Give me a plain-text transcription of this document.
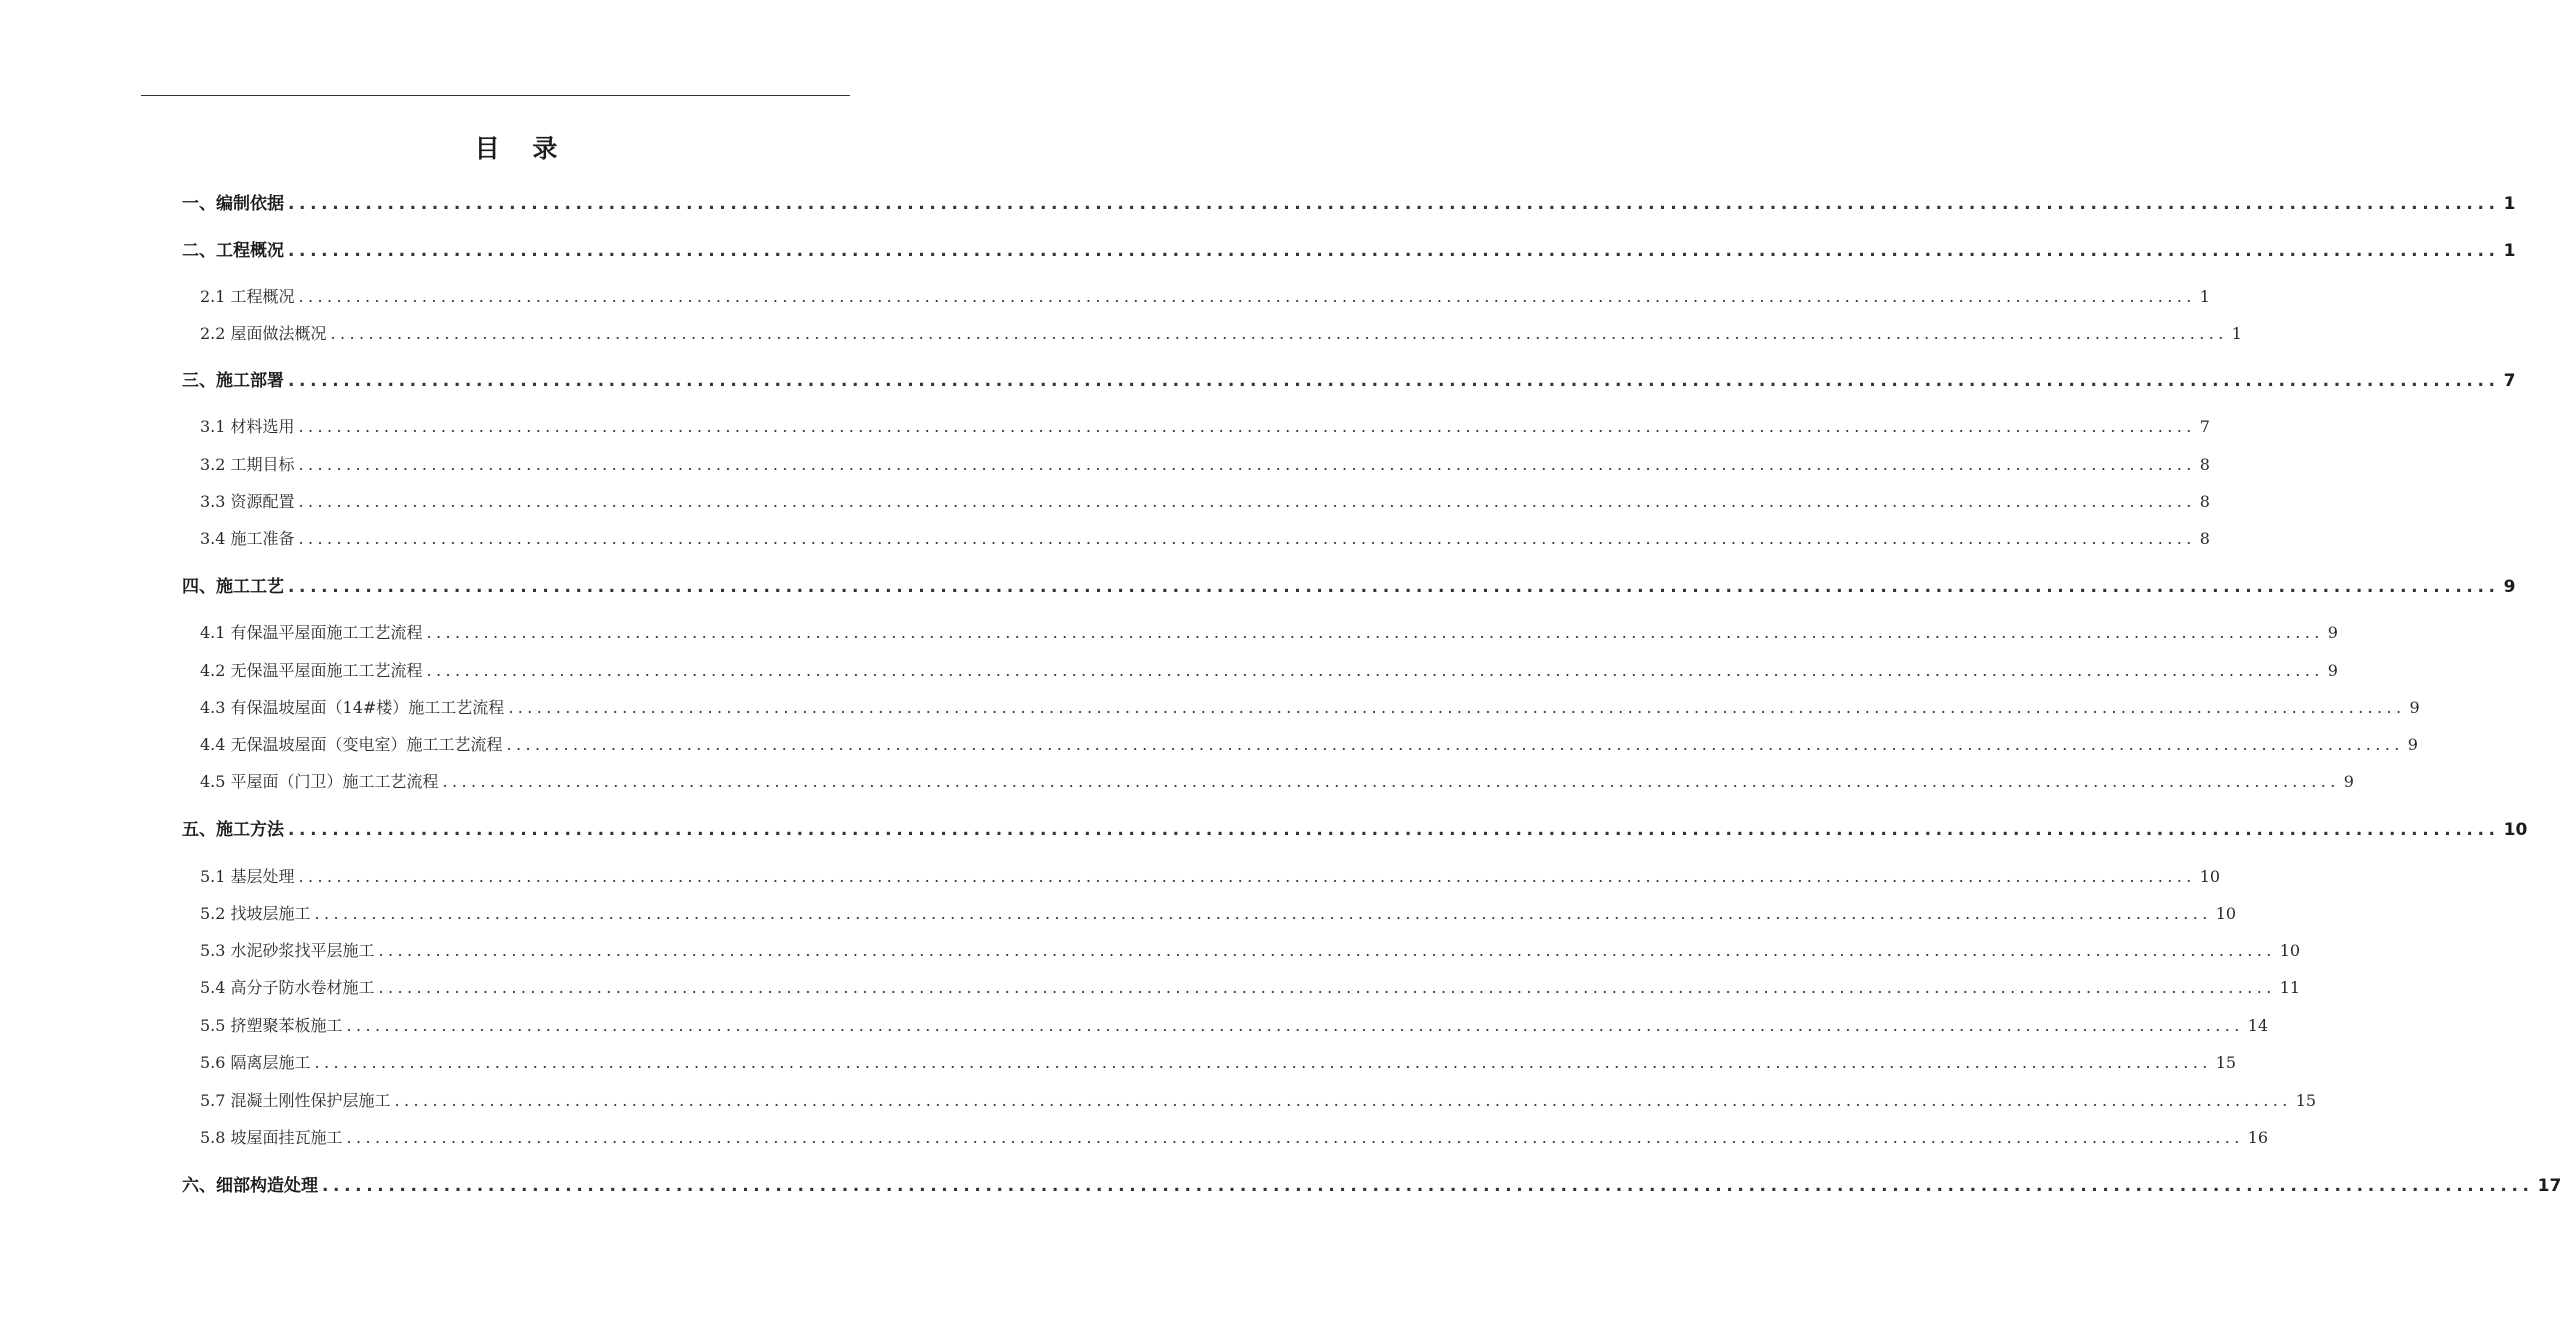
目 录
一、编制依据 ........................................................................................................................................................................................................ 1
二、工程概况 ........................................................................................................................................................................................................ 1
2.1 工程概况 ........................................................................................................................................................................................................ 1
2.2 屋面做法概况 ........................................................................................................................................................................................................ 1
三、施工部署 ........................................................................................................................................................................................................ 7
3.1 材料选用 ........................................................................................................................................................................................................ 7
3.2 工期目标 ........................................................................................................................................................................................................ 8
3.3 资源配置 ........................................................................................................................................................................................................ 8
3.4 施工准备 ........................................................................................................................................................................................................ 8
四、施工工艺 ........................................................................................................................................................................................................ 9
4.1 有保温平屋面施工工艺流程 ........................................................................................................................................................................................................ 9
4.2 无保温平屋面施工工艺流程 ........................................................................................................................................................................................................ 9
4.3 有保温坡屋面（14#楼）施工工艺流程 ........................................................................................................................................................................................................ 9
4.4 无保温坡屋面（变电室）施工工艺流程 ........................................................................................................................................................................................................ 9
4.5 平屋面（门卫）施工工艺流程 ........................................................................................................................................................................................................ 9
五、施工方法 ........................................................................................................................................................................................................ 10
5.1 基层处理 ........................................................................................................................................................................................................ 10
5.2 找坡层施工 ........................................................................................................................................................................................................ 10
5.3 水泥砂浆找平层施工 ........................................................................................................................................................................................................ 10
5.4 高分子防水卷材施工 ........................................................................................................................................................................................................ 11
5.5 挤塑聚苯板施工 ........................................................................................................................................................................................................ 14
5.6 隔离层施工 ........................................................................................................................................................................................................ 15
5.7 混凝土刚性保护层施工 ........................................................................................................................................................................................................ 15
5.8 坡屋面挂瓦施工 ........................................................................................................................................................................................................ 16
六、细部构造处理 ........................................................................................................................................................................................................ 17
